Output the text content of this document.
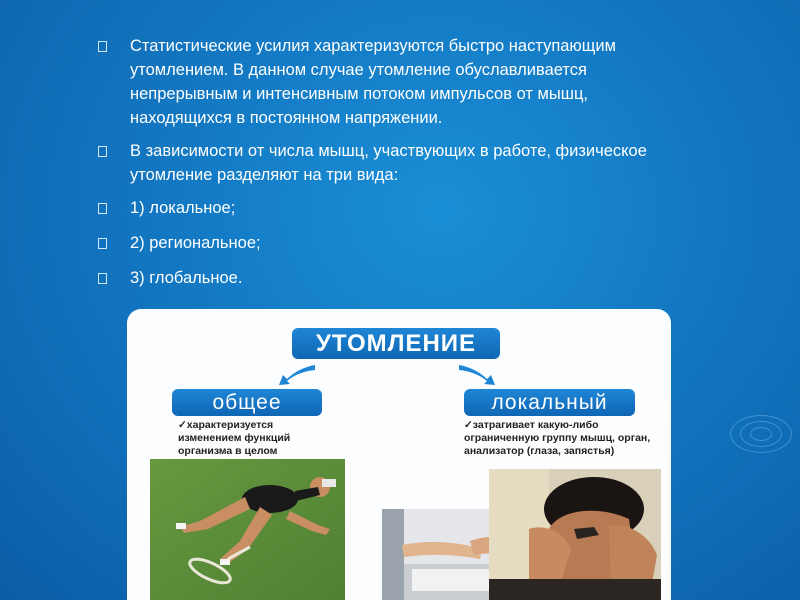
Статистические усилия характеризуются быстро наступающим утомлением. В данном случае утомление обуславливается непрерывным и интенсивным потоком импульсов от мышц, находящихся в постоянном напряжении.
В зависимости от числа мышц, участвующих в работе, физическое утомление разделяют на три вида:
1) локальное;
2) региональное;
3) глобальное.
УТОМЛЕНИЕ
общее	локальный
✓характеризуется изменением функций организма в целом
✓затрагивает какую-либо ограниченную группу мышц, орган, анализатор (глаза, запястья)
